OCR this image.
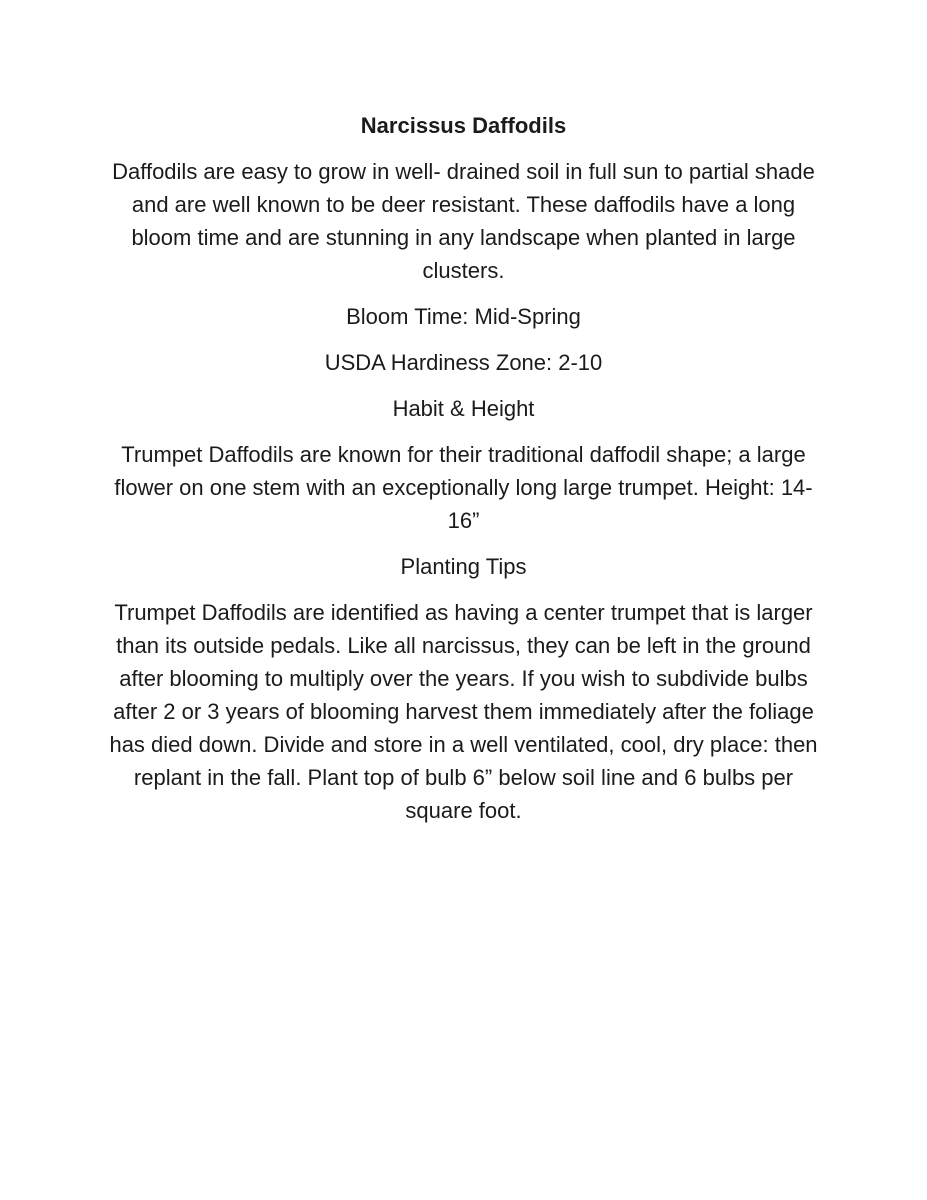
Narcissus Daffodils

Daffodils are easy to grow in well- drained soil in full sun to partial shade and are well known to be deer resistant. These daffodils have a long bloom time and are stunning in any landscape when planted in large clusters.

Bloom Time: Mid-Spring

USDA Hardiness Zone: 2-10

Habit & Height

Trumpet Daffodils are known for their traditional daffodil shape; a large flower on one stem with an exceptionally long large trumpet. Height: 14-16”

Planting Tips

Trumpet Daffodils are identified as having a center trumpet that is larger than its outside pedals. Like all narcissus, they can be left in the ground after blooming to multiply over the years. If you wish to subdivide bulbs after 2 or 3 years of blooming harvest them immediately after the foliage has died down. Divide and store in a well ventilated, cool, dry place: then replant in the fall. Plant top of bulb 6” below soil line and 6 bulbs per square foot.
